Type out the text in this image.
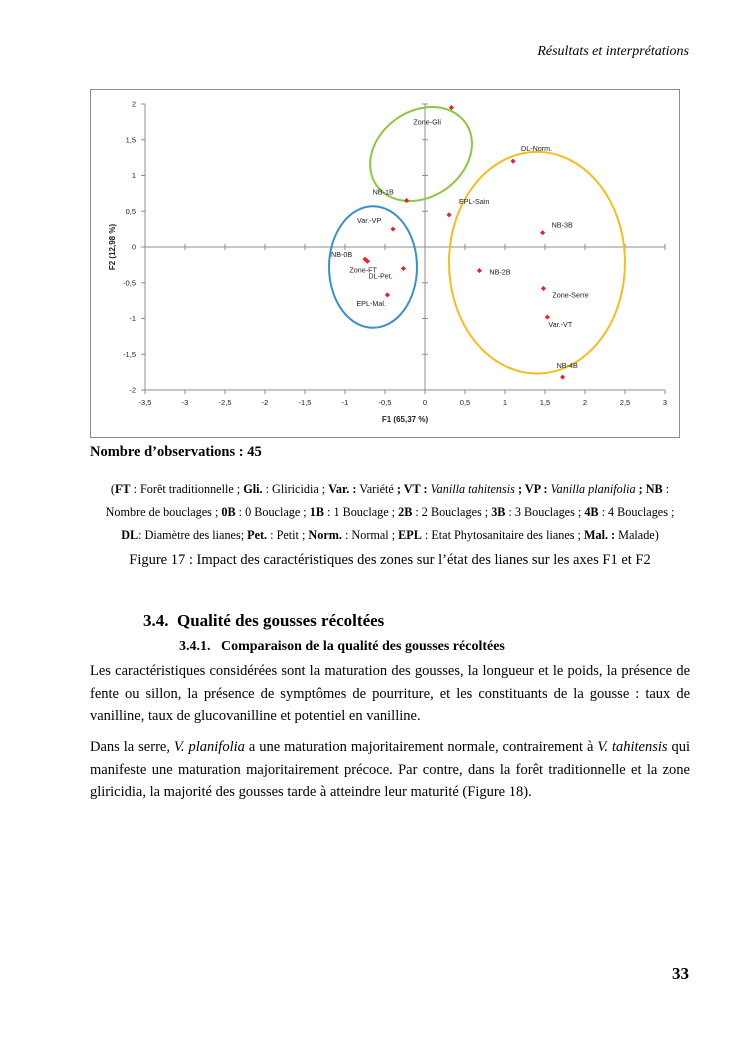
Résultats et interprétations
-3,5	-3	-2,5	-2	-1,5	-1	-0,5	0	0,5	1	1,5	2	2,5	3
-2
-1,5
-1
-0,5
0
0,5
1
1,5
2
F1 (65,37 %)
F2 (12,98 %)
Zone-Gli
DL-Norm.
NB-1B
EPL-Sain
Var.-VP
NB-3B
NB-0B
Zone-FT
DL-Pet.	NB-2B
EPL-Mal.
Zone-Serre
Var.-VT
NB-4B
Nombre d’observations : 45
(FT : Forêt traditionnelle ; Gli. : Gliricidia ; Var. : Variété ; VT : Vanilla tahitensis ; VP : Vanilla planifolia ; NB :
Nombre de bouclages ; 0B : 0 Bouclage ; 1B : 1 Bouclage ; 2B : 2 Bouclages ; 3B : 3 Bouclages ; 4B : 4 Bouclages ;
DL: Diamètre des lianes; Pet. : Petit ; Norm. : Normal ; EPL : Etat Phytosanitaire des lianes ; Mal. : Malade)
Figure 17 : Impact des caractéristiques des zones sur l’état des lianes sur les axes F1 et F2
3.4.  Qualité des gousses récoltées
3.4.1.   Comparaison de la qualité des gousses récoltées
Les caractéristiques considérées sont la maturation des gousses, la longueur et le poids, la présence de fente ou sillon, la présence de symptômes de pourriture, et les constituants de la gousse : taux de vanilline, taux de glucovanilline et potentiel en vanilline.
Dans la serre, V. planifolia a une maturation majoritairement normale, contrairement à V. tahitensis qui manifeste une maturation majoritairement précoce. Par contre, dans la forêt traditionnelle et la zone gliricidia, la majorité des gousses tarde à atteindre leur maturité (Figure 18).
33
